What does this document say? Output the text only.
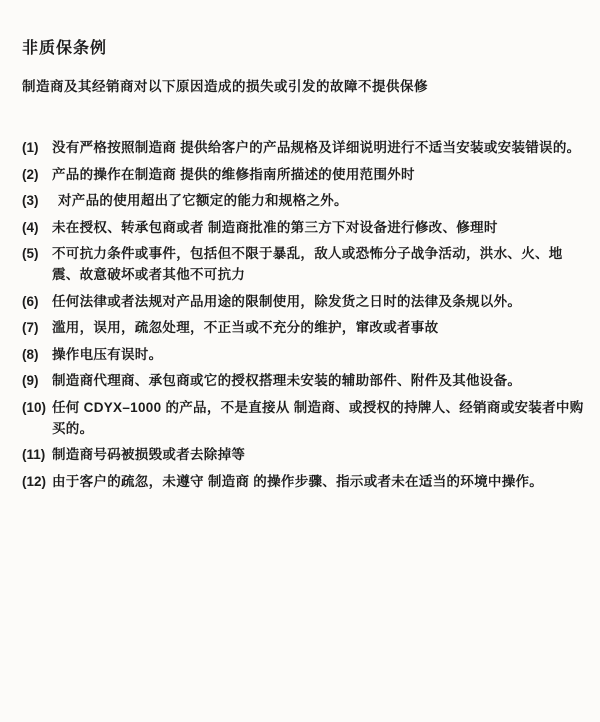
非质保条例

制造商及其经销商对以下原因造成的损失或引发的故障不提供保修

(1)	没有严格按照制造商 提供给客户的产品规格及详细说明进行不适当安装或安装错误的。
(2)	产品的操作在制造商 提供的维修指南所描述的使用范围外时
(3)	对产品的使用超出了它额定的能力和规格之外。
(4)	未在授权、转承包商或者 制造商批准的第三方下对设备进行修改、修理时
(5)	不可抗力条件或事件，包括但不限于暴乱，敌人或恐怖分子战争活动，洪水、火、地震、故意破坏或者其他不可抗力
(6)	任何法律或者法规对产品用途的限制使用，除发货之日时的法律及条规以外。
(7)	滥用，误用，疏忽处理，不正当或不充分的维护，窜改或者事故
(8)	操作电压有误时。
(9)	制造商代理商、承包商或它的授权搭理未安装的辅助部件、附件及其他设备。
(10) 任何 CDYX–1000 的产品，不是直接从 制造商、或授权的持牌人、经销商或安装者中购买的。
(11) 制造商号码被损毁或者去除掉等
(12) 由于客户的疏忽，未遵守 制造商 的操作步骤、指示或者未在适当的环境中操作。
